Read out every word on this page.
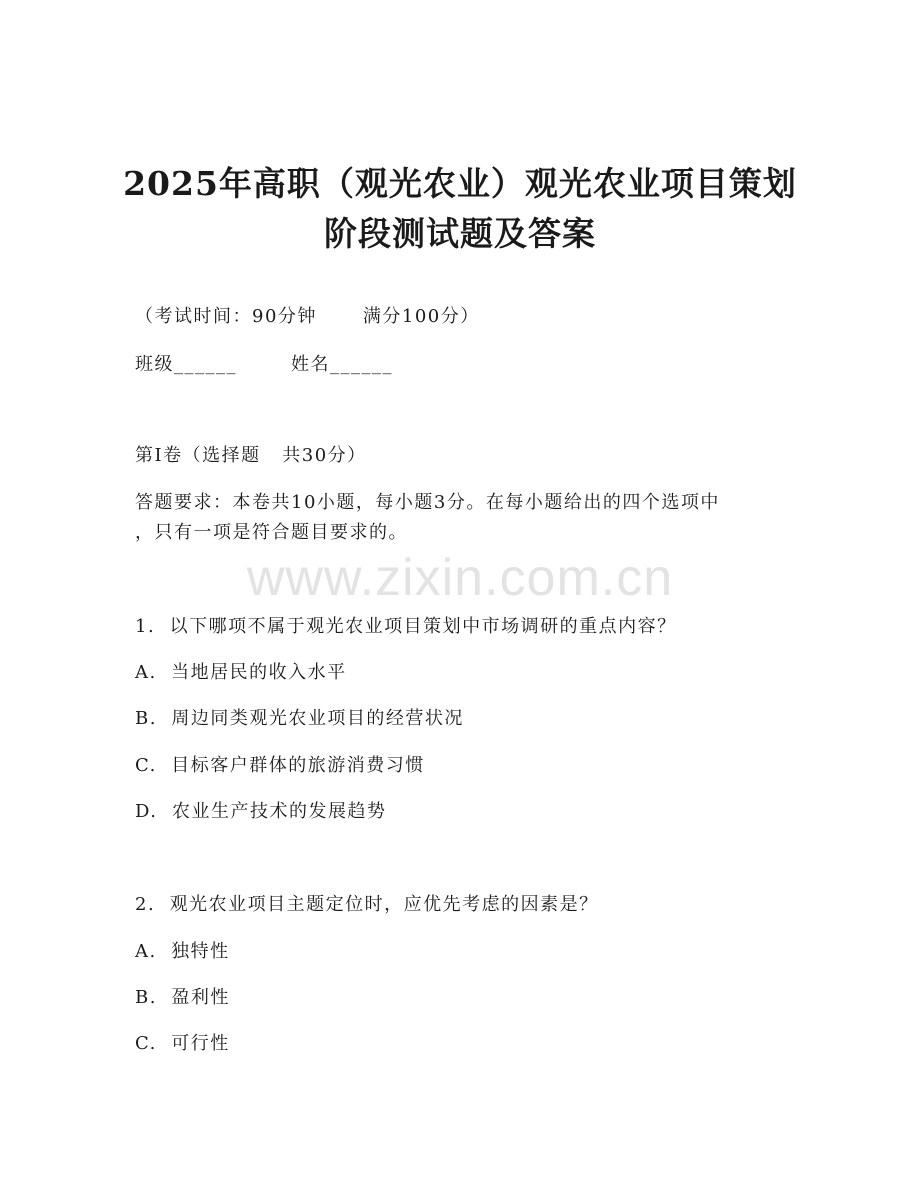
2025年高职（观光农业）观光农业项目策划
阶段测试题及答案

（考试时间：90分钟	满分100分）

班级______	姓名______

第I卷（选择题   共30分）

答题要求：本卷共10小题，每小题3分。在每小题给出的四个选项中

，只有一项是符合题目要求的。

www.zixin.com.cn

1.  以下哪项不属于观光农业项目策划中市场调研的重点内容？

A.  当地居民的收入水平

B.  周边同类观光农业项目的经营状况

C.  目标客户群体的旅游消费习惯

D.  农业生产技术的发展趋势

2.  观光农业项目主题定位时，应优先考虑的因素是？

A.  独特性

B.  盈利性

C.  可行性
